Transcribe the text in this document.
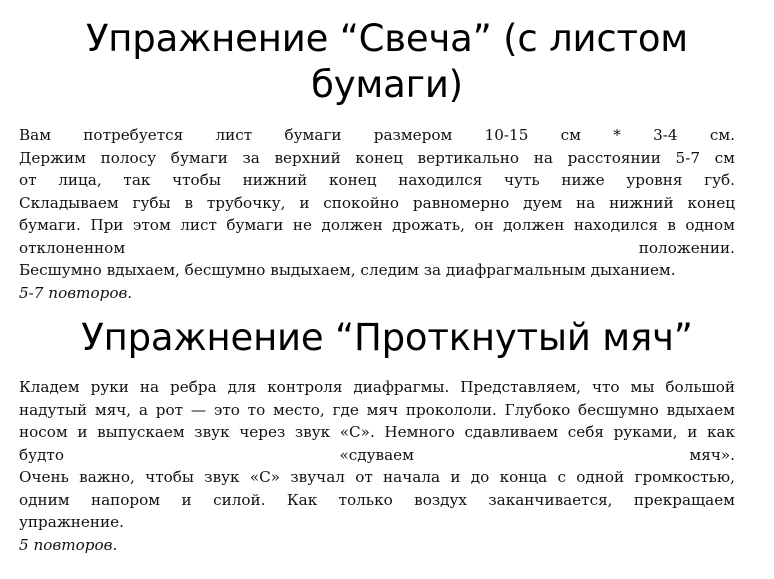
Упражнение “Свеча” (с листом
бумаги)
Вам потребуется лист бумаги размером 10-15 см * 3-4 см.
Держим полосу бумаги за верхний конец вертикально на расстоянии 5-7 см
от лица, так чтобы нижний конец находился чуть ниже уровня губ.
Складываем губы в трубочку, и спокойно равномерно дуем на нижний конец
бумаги. При этом лист бумаги не должен дрожать, он должен находился в одном
отклоненном положении.
Бесшумно вдыхаем, бесшумно выдыхаем, следим за диафрагмальным дыханием.
5-7 повторов.
Упражнение “Проткнутый мяч”
Кладем руки на ребра для контроля диафрагмы. Представляем, что мы большой
надутый мяч, а рот — это то место, где мяч прокололи. Глубоко бесшумно вдыхаем
носом и выпускаем звук через звук «С». Немного сдавливаем себя руками, и как
будто «сдуваем мяч».
Очень важно, чтобы звук «С» звучал от начала и до конца с одной громкостью,
одним напором и силой. Как только воздух заканчивается, прекращаем
упражнение.
5 повторов.
